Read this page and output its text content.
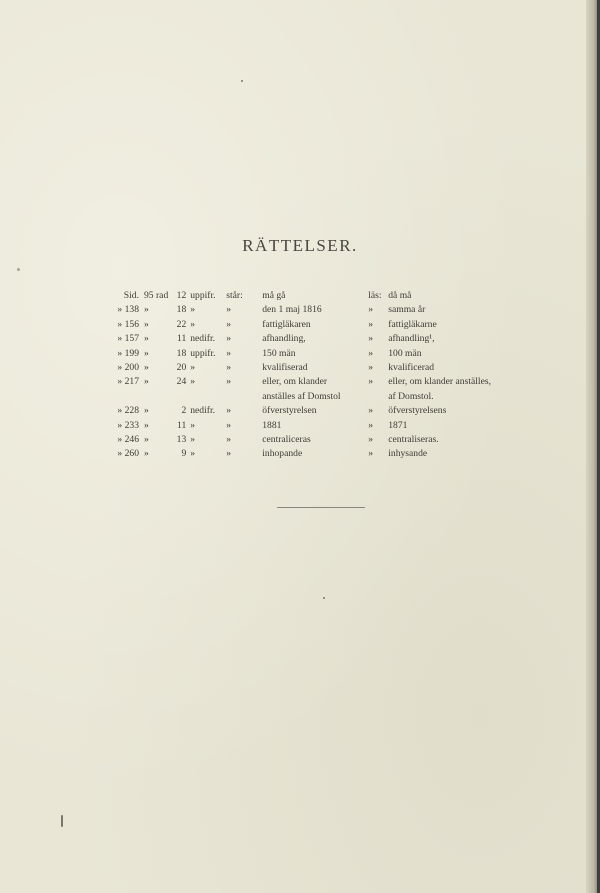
RÄTTELSER.
Sid.	95 rad	12	uppifr.	står:	må gå	läs:	då må
» 138	»	18	»	»	den 1 maj 1816	»	samma år
» 156	»	22	»	»	fattigläkaren	»	fattigläkarne
» 157	»	11	nedifr.	»	afhandling,	»	afhandling¹,
» 199	»	18	uppifr.	»	150 män	»	100 män
» 200	»	20	»	»	kvalifiserad	»	kvalificerad
» 217	»	24	»	»	eller, om klander	»	eller, om klander anställes,
					anställes af Domstol		af Domstol.
» 228	»	2	nedifr.	»	öfverstyrelsen	»	öfverstyrelsens
» 233	»	11	»	»	1881	»	1871
» 246	»	13	»	»	centraliceras	»	centraliseras.
» 260	»	9	»	»	inhopande	»	inhysande
